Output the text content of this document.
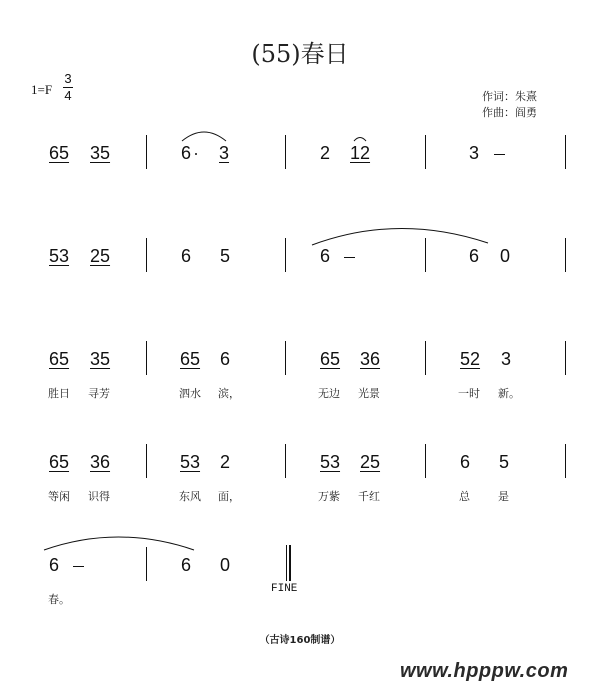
(55)春日
1=F
3
4	作词：朱熹
作曲：阎勇
65 35	6 3	2 12	3
53 25	6 5	6	6 0
65 35
胜日 寻芳
65 6
泗水 滨，
65 36
无边 光景
52 3
一时 新。
65 36
等闲 识得
53 2
东风 面，
53 25
万紫 千红
6 5
总	是
6
春。
6 0
FINE
（古诗160制谱）
www.hpppw.com
